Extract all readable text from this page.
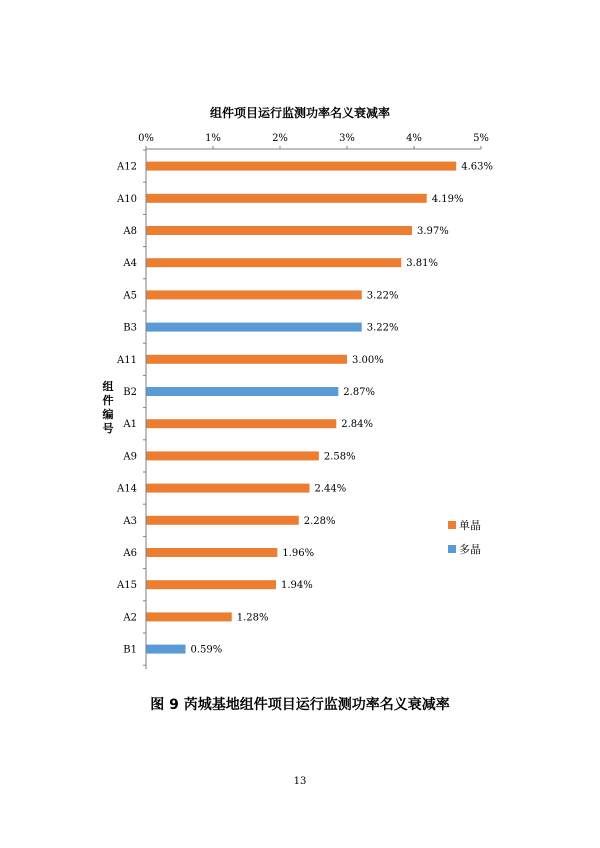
组件项目运行监测功率名义衰减率
组件编号
0%	1%	2%	3%	4%	5%
A12	4.63%
A10	4.19%
A8	3.97%
A4	3.81%
A5	3.22%
B3	3.22%
A11	3.00%
B2	2.87%
A1	2.84%
A9	2.58%
A14	2.44%
A3	2.28%
A6	1.96%
A15	1.94%
A2	1.28%
B1	0.59%
单晶
多晶
图 9 芮城基地组件项目运行监测功率名义衰减率
13
